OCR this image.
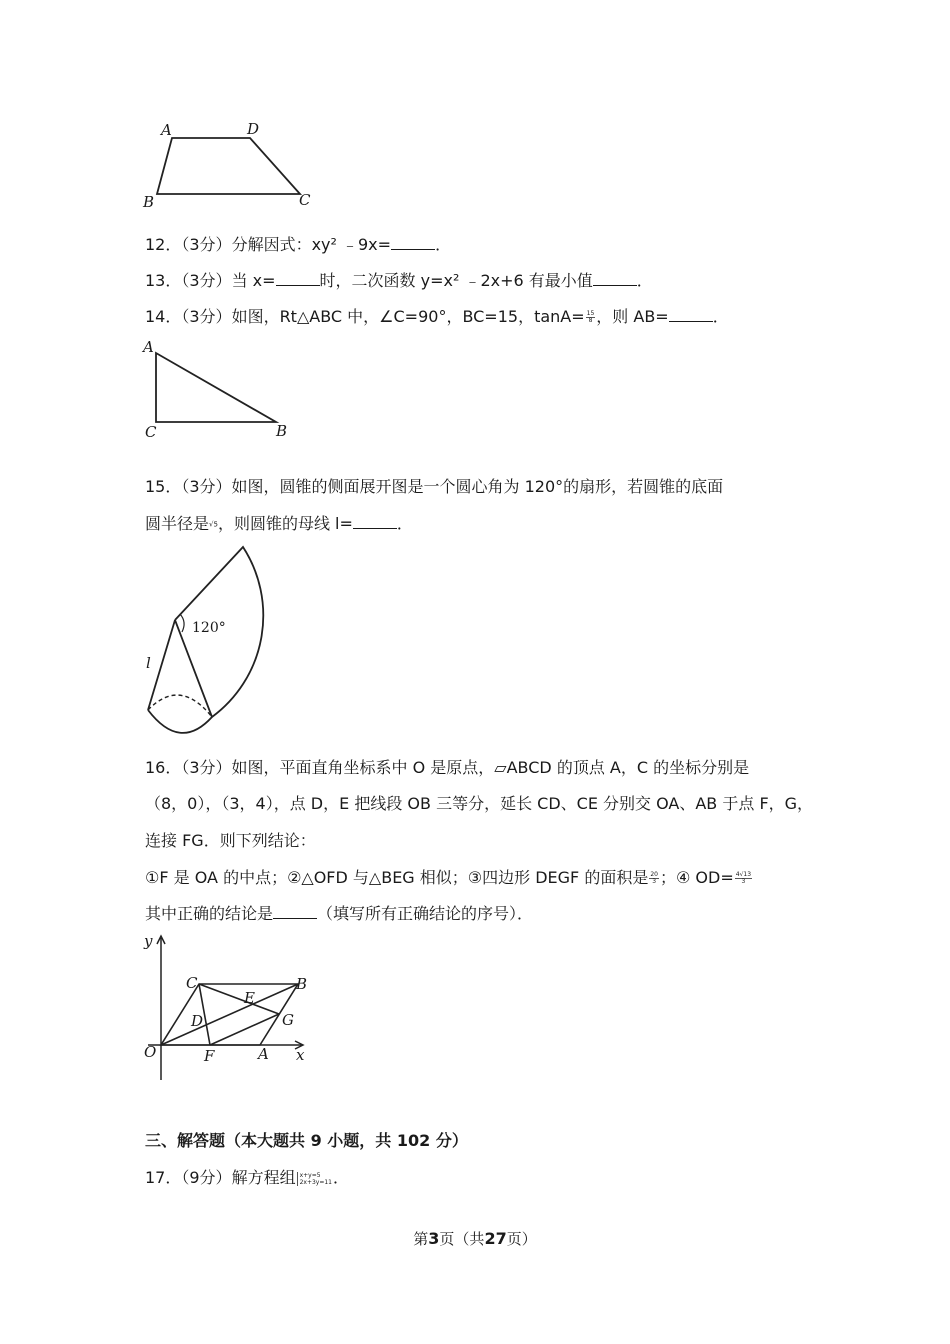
A	D
B	C
12．（3分）分解因式：xy² ﹣9x=	．
13．（3分）当 x=	时，二次函数 y=x² ﹣2x+6 有最小值	．
14．（3分）如图，Rt△ABC 中，∠C=90°，BC=15，$\tan A= \frac{15}{8}$ ，则 AB=	．
A
C	B
15．（3分）如图，圆锥的侧面展开图是一个圆心角为 120°的扇形，若圆锥的底面
圆半径是√5，则圆锥的母线 l=	．
120°
l
16．（3分）如图，平面直角坐标系中 O 是原点，▱ABCD 的顶点 A，C 的坐标分别是
（8，0），（3，4），点 D，E 把线段 OB 三等分，延长 CD、CE 分别交 OA、AB 于点 F，G，
连接 FG．则下列结论：
①F 是 OA 的中点；②△OFD 与△BEG 相似；③四边形 DEGF 的面积是 $\frac{20}{3}$ ；④ $OD= \frac{4√13}{3}$
其中正确的结论是	（填写所有正确结论的序号）．
y
x
O	F	A
C	B
E
D	G
三、解答题（本大题共 9 小题，共 102 分）
17．（9分）解方程组 x+y=5
2x+3y=11 ．
第3页（共27页）
